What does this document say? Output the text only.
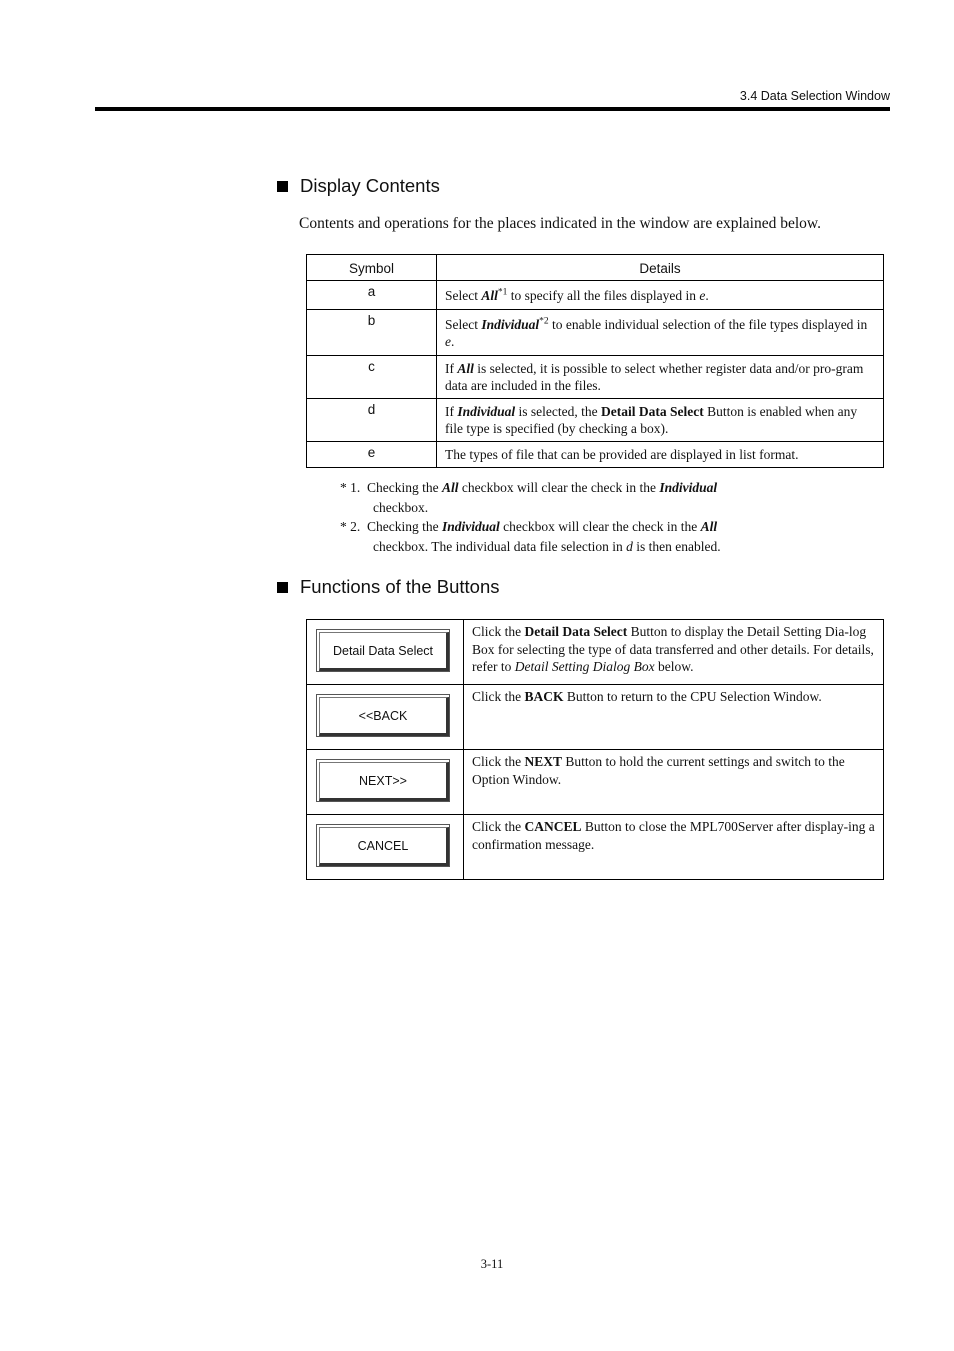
3.4 Data Selection Window
Display Contents
Contents and operations for the places indicated in the window are explained below.
Symbol	Details
a	Select All$^{*1}$ to specify all the files displayed in e.
b	Select Individual$^{*2}$ to enable individual selection of the file types displayed in e.
c	If All is selected, it is possible to select whether register data and/or pro-gram data are included in the files.
d	If Individual is selected, the Detail Data Select Button is enabled when any file type is specified (by checking a box).
e	The types of file that can be provided are displayed in list format.
* 1. Checking the All checkbox will clear the check in the Individual
checkbox.
* 2. Checking the Individual checkbox will clear the check in the All
checkbox. The individual data file selection in d is then enabled.
Functions of the Buttons
Detail Data Select	Click the Detail Data Select Button to display the Detail Setting Dia-log Box for selecting the type of data transferred and other details. For details, refer to Detail Setting Dialog Box below.

<<BACK	Click the BACK Button to return to the CPU Selection Window.

NEXT>>	Click the NEXT Button to hold the current settings and switch to the Option Window.

CANCEL	Click the CANCEL Button to close the MPL700Server after display-ing a confirmation message.
3-11
